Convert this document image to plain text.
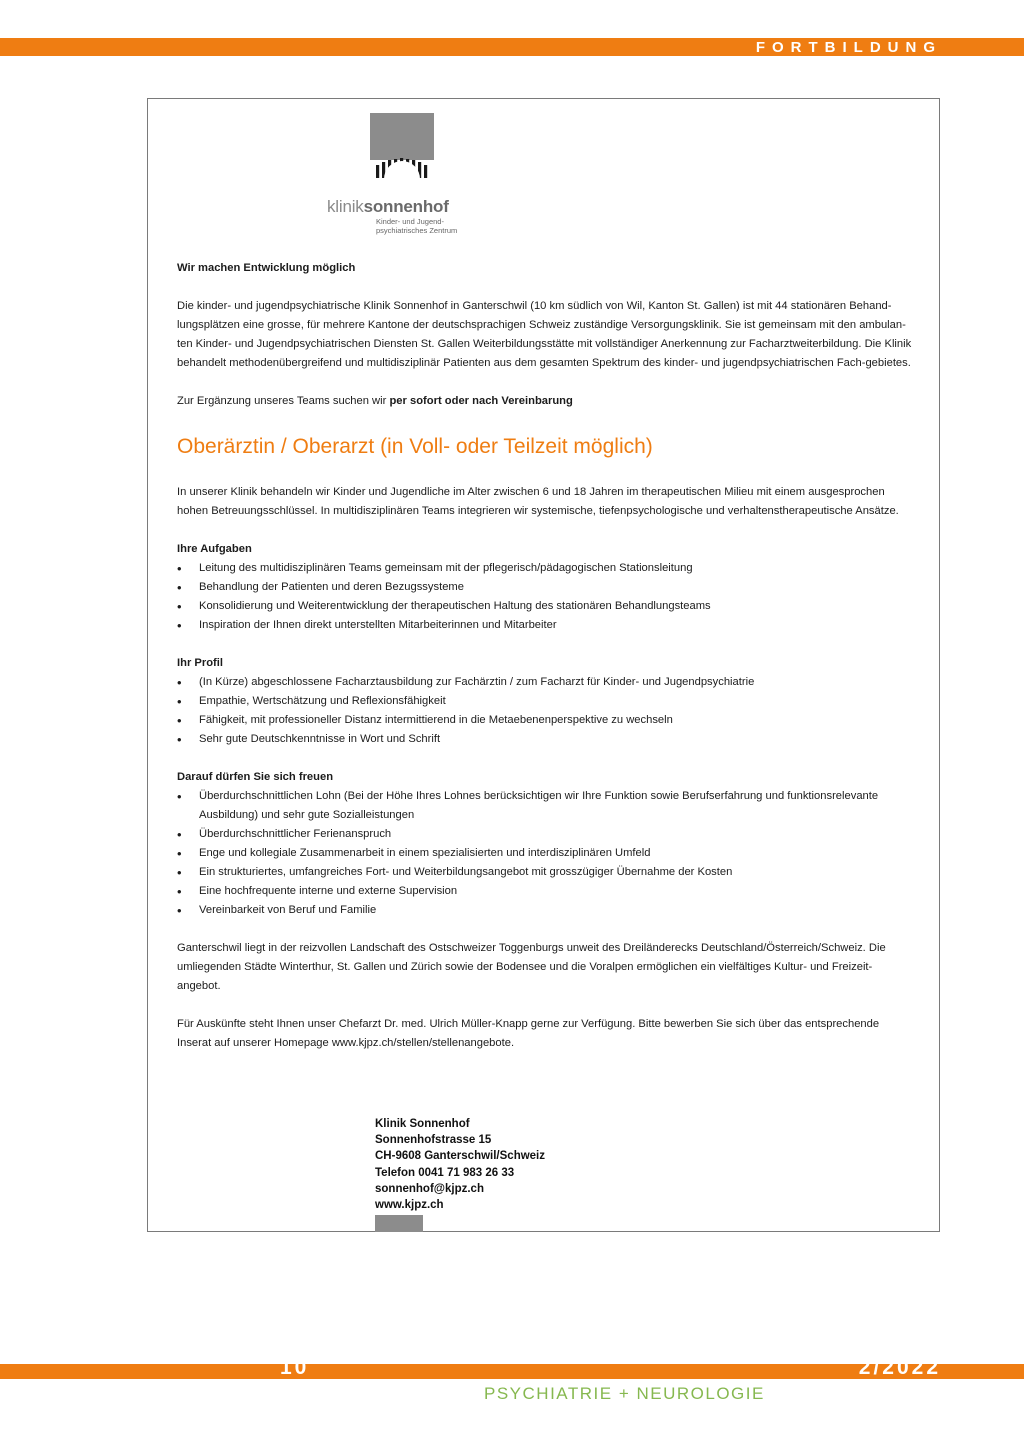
FORTBILDUNG
kliniksonnenhof
Kinder- und Jugend-
psychiatrisches Zentrum

Wir machen Entwicklung möglich

Die kinder- und jugendpsychiatrische Klinik Sonnenhof in Ganterschwil (10 km südlich von Wil, Kanton St. Gallen) ist mit 44 stationären Behand-lungsplätzen eine grosse, für mehrere Kantone der deutschsprachigen Schweiz zuständige Versorgungsklinik. Sie ist gemeinsam mit den ambulan-ten Kinder- und Jugendpsychiatrischen Diensten St. Gallen Weiterbildungsstätte mit vollständiger Anerkennung zur Facharztweiterbildung. Die Klinik behandelt methodenübergreifend und multidisziplinär Patienten aus dem gesamten Spektrum des kinder- und jugendpsychiatrischen Fach-gebietes.

Zur Ergänzung unseres Teams suchen wir per sofort oder nach Vereinbarung

Oberärztin / Oberarzt (in Voll- oder Teilzeit möglich)

In unserer Klinik behandeln wir Kinder und Jugendliche im Alter zwischen 6 und 18 Jahren im therapeutischen Milieu mit einem ausgesprochen hohen Betreuungsschlüssel. In multidisziplinären Teams integrieren wir systemische, tiefenpsychologische und verhaltenstherapeutische Ansätze.

Ihre Aufgaben

• Leitung des multidisziplinären Teams gemeinsam mit der pflegerisch/pädagogischen Stationsleitung
• Behandlung der Patienten und deren Bezugssysteme
• Konsolidierung und Weiterentwicklung der therapeutischen Haltung des stationären Behandlungsteams
• Inspiration der Ihnen direkt unterstellten Mitarbeiterinnen und Mitarbeiter

Ihr Profil

• (In Kürze) abgeschlossene Facharztausbildung zur Fachärztin / zum Facharzt für Kinder- und Jugendpsychiatrie
• Empathie, Wertschätzung und Reflexionsfähigkeit
• Fähigkeit, mit professioneller Distanz intermittierend in die Metaebenenperspektive zu wechseln
• Sehr gute Deutschkenntnisse in Wort und Schrift

Darauf dürfen Sie sich freuen

• Überdurchschnittlichen Lohn (Bei der Höhe Ihres Lohnes berücksichtigen wir Ihre Funktion sowie Berufserfahrung und funktionsrelevante Ausbildung) und sehr gute Sozialleistungen
• Überdurchschnittlicher Ferienanspruch
• Enge und kollegiale Zusammenarbeit in einem spezialisierten und interdisziplinären Umfeld
• Ein strukturiertes, umfangreiches Fort- und Weiterbildungsangebot mit grosszügiger Übernahme der Kosten
• Eine hochfrequente interne und externe Supervision
• Vereinbarkeit von Beruf und Familie

Ganterschwil liegt in der reizvollen Landschaft des Ostschweizer Toggenburgs unweit des Dreiländerecks Deutschland/Österreich/Schweiz. Die umliegenden Städte Winterthur, St. Gallen und Zürich sowie der Bodensee und die Voralpen ermöglichen ein vielfältiges Kultur- und Freizeit-angebot.

Für Auskünfte steht Ihnen unser Chefarzt Dr. med. Ulrich Müller-Knapp gerne zur Verfügung. Bitte bewerben Sie sich über das entsprechende Inserat auf unserer Homepage www.kjpz.ch/stellen/stellenangebote.

Klinik Sonnenhof
Sonnenhofstrasse 15
CH-9608 Ganterschwil/Schweiz
Telefon 0041 71 983 26 33
sonnenhof@kjpz.ch
www.kjpz.ch
10	2/2022
PSYCHIATRIE + NEUROLOGIE
